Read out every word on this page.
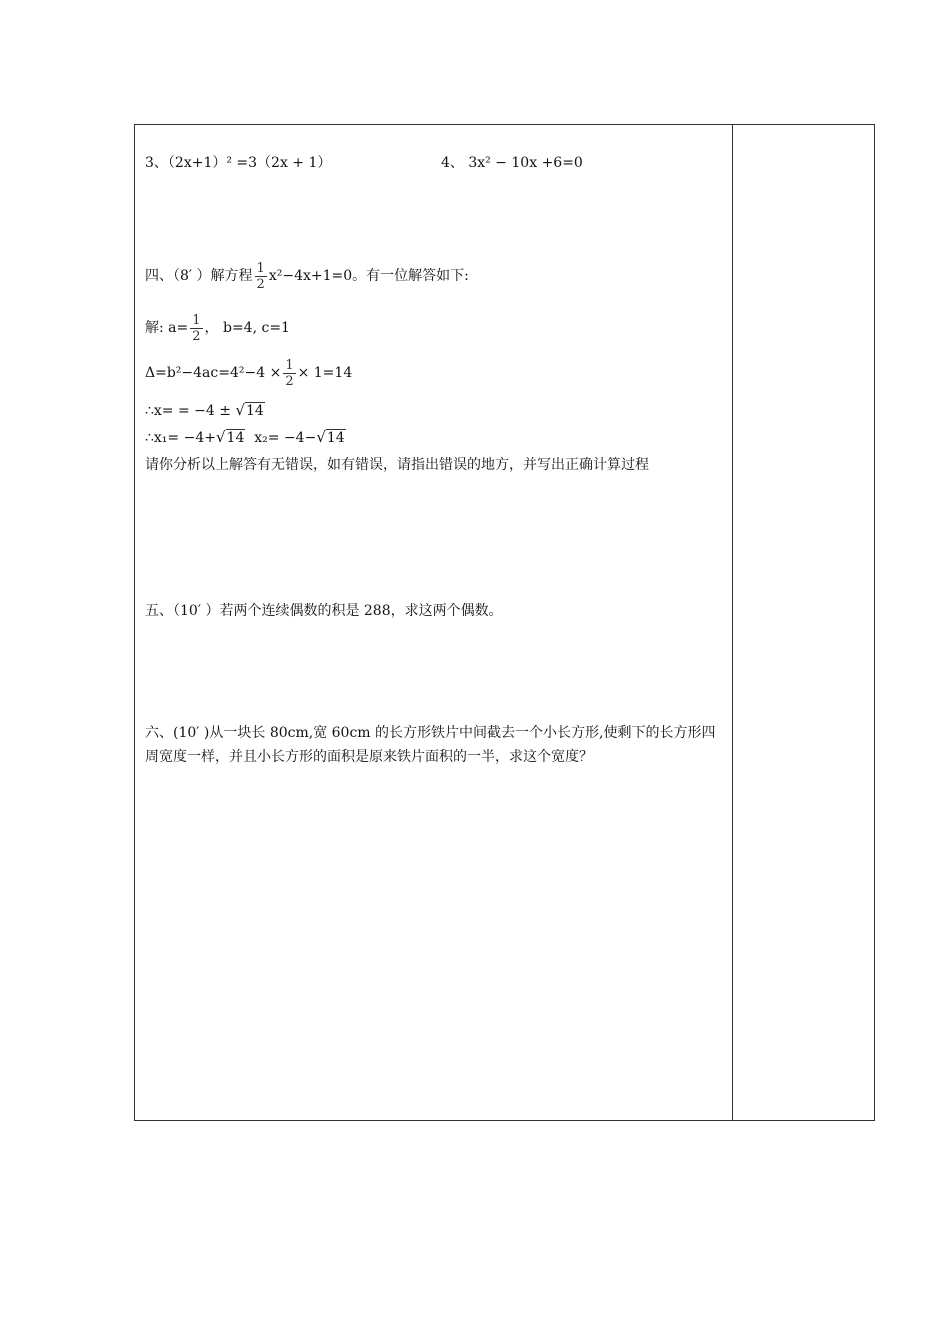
3、（2x+1）² =3（2x + 1）	4、 3x² − 10x +6=0
四、（8′ ）解方程 $\frac{1}{2} x^2-4x+1=0$。有一位解答如下:
解: $a= \frac{1}{2}$ ， b=4, c=1
$\Delta=b^2-4ac=4^2-4 \times \frac{1}{2} \times 1=14$
∴x= = −4 ± √14
∴x₁= −4+√14 x₂= −4−√14
请你分析以上解答有无错误，如有错误，请指出错误的地方，并写出正确计算过程
五、（10′ ）若两个连续偶数的积是 288，求这两个偶数。
六、(10′ )从一块长 80cm,宽 60cm 的长方形铁片中间截去一个小长方形,使剩下的长方形四周宽度一样，并且小长方形的面积是原来铁片面积的一半，求这个宽度？
